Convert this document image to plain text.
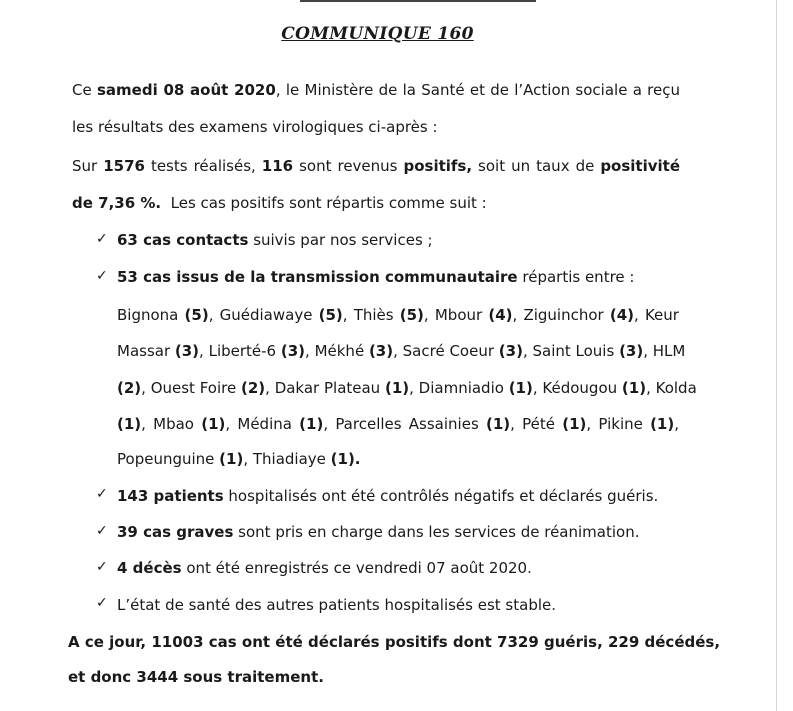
COMMUNIQUE 160
Ce samedi 08 août 2020, le Ministère de la Santé et de l’Action sociale a reçu
les résultats des examens virologiques ci-après :
Sur 1576 tests réalisés, 116 sont revenus positifs, soit un taux de positivité
de 7,36 %.  Les cas positifs sont répartis comme suit :
✓ 63 cas contacts suivis par nos services ;
✓ 53 cas issus de la transmission communautaire répartis entre :
Bignona (5), Guédiawaye (5), Thiès (5), Mbour (4), Ziguinchor (4), Keur
Massar (3), Liberté-6 (3), Mékhé (3), Sacré Coeur (3), Saint Louis (3), HLM
(2), Ouest Foire (2), Dakar Plateau (1), Diamniadio (1), Kédougou (1), Kolda
(1), Mbao (1), Médina (1), Parcelles Assainies (1), Pété (1), Pikine (1),
Popeunguine (1), Thiadiaye (1).
✓ 143 patients hospitalisés ont été contrôlés négatifs et déclarés guéris.
✓ 39 cas graves sont pris en charge dans les services de réanimation.
✓ 4 décès ont été enregistrés ce vendredi 07 août 2020.
✓ L’état de santé des autres patients hospitalisés est stable.
A ce jour, 11003 cas ont été déclarés positifs dont 7329 guéris, 229 décédés,
et donc 3444 sous traitement.
